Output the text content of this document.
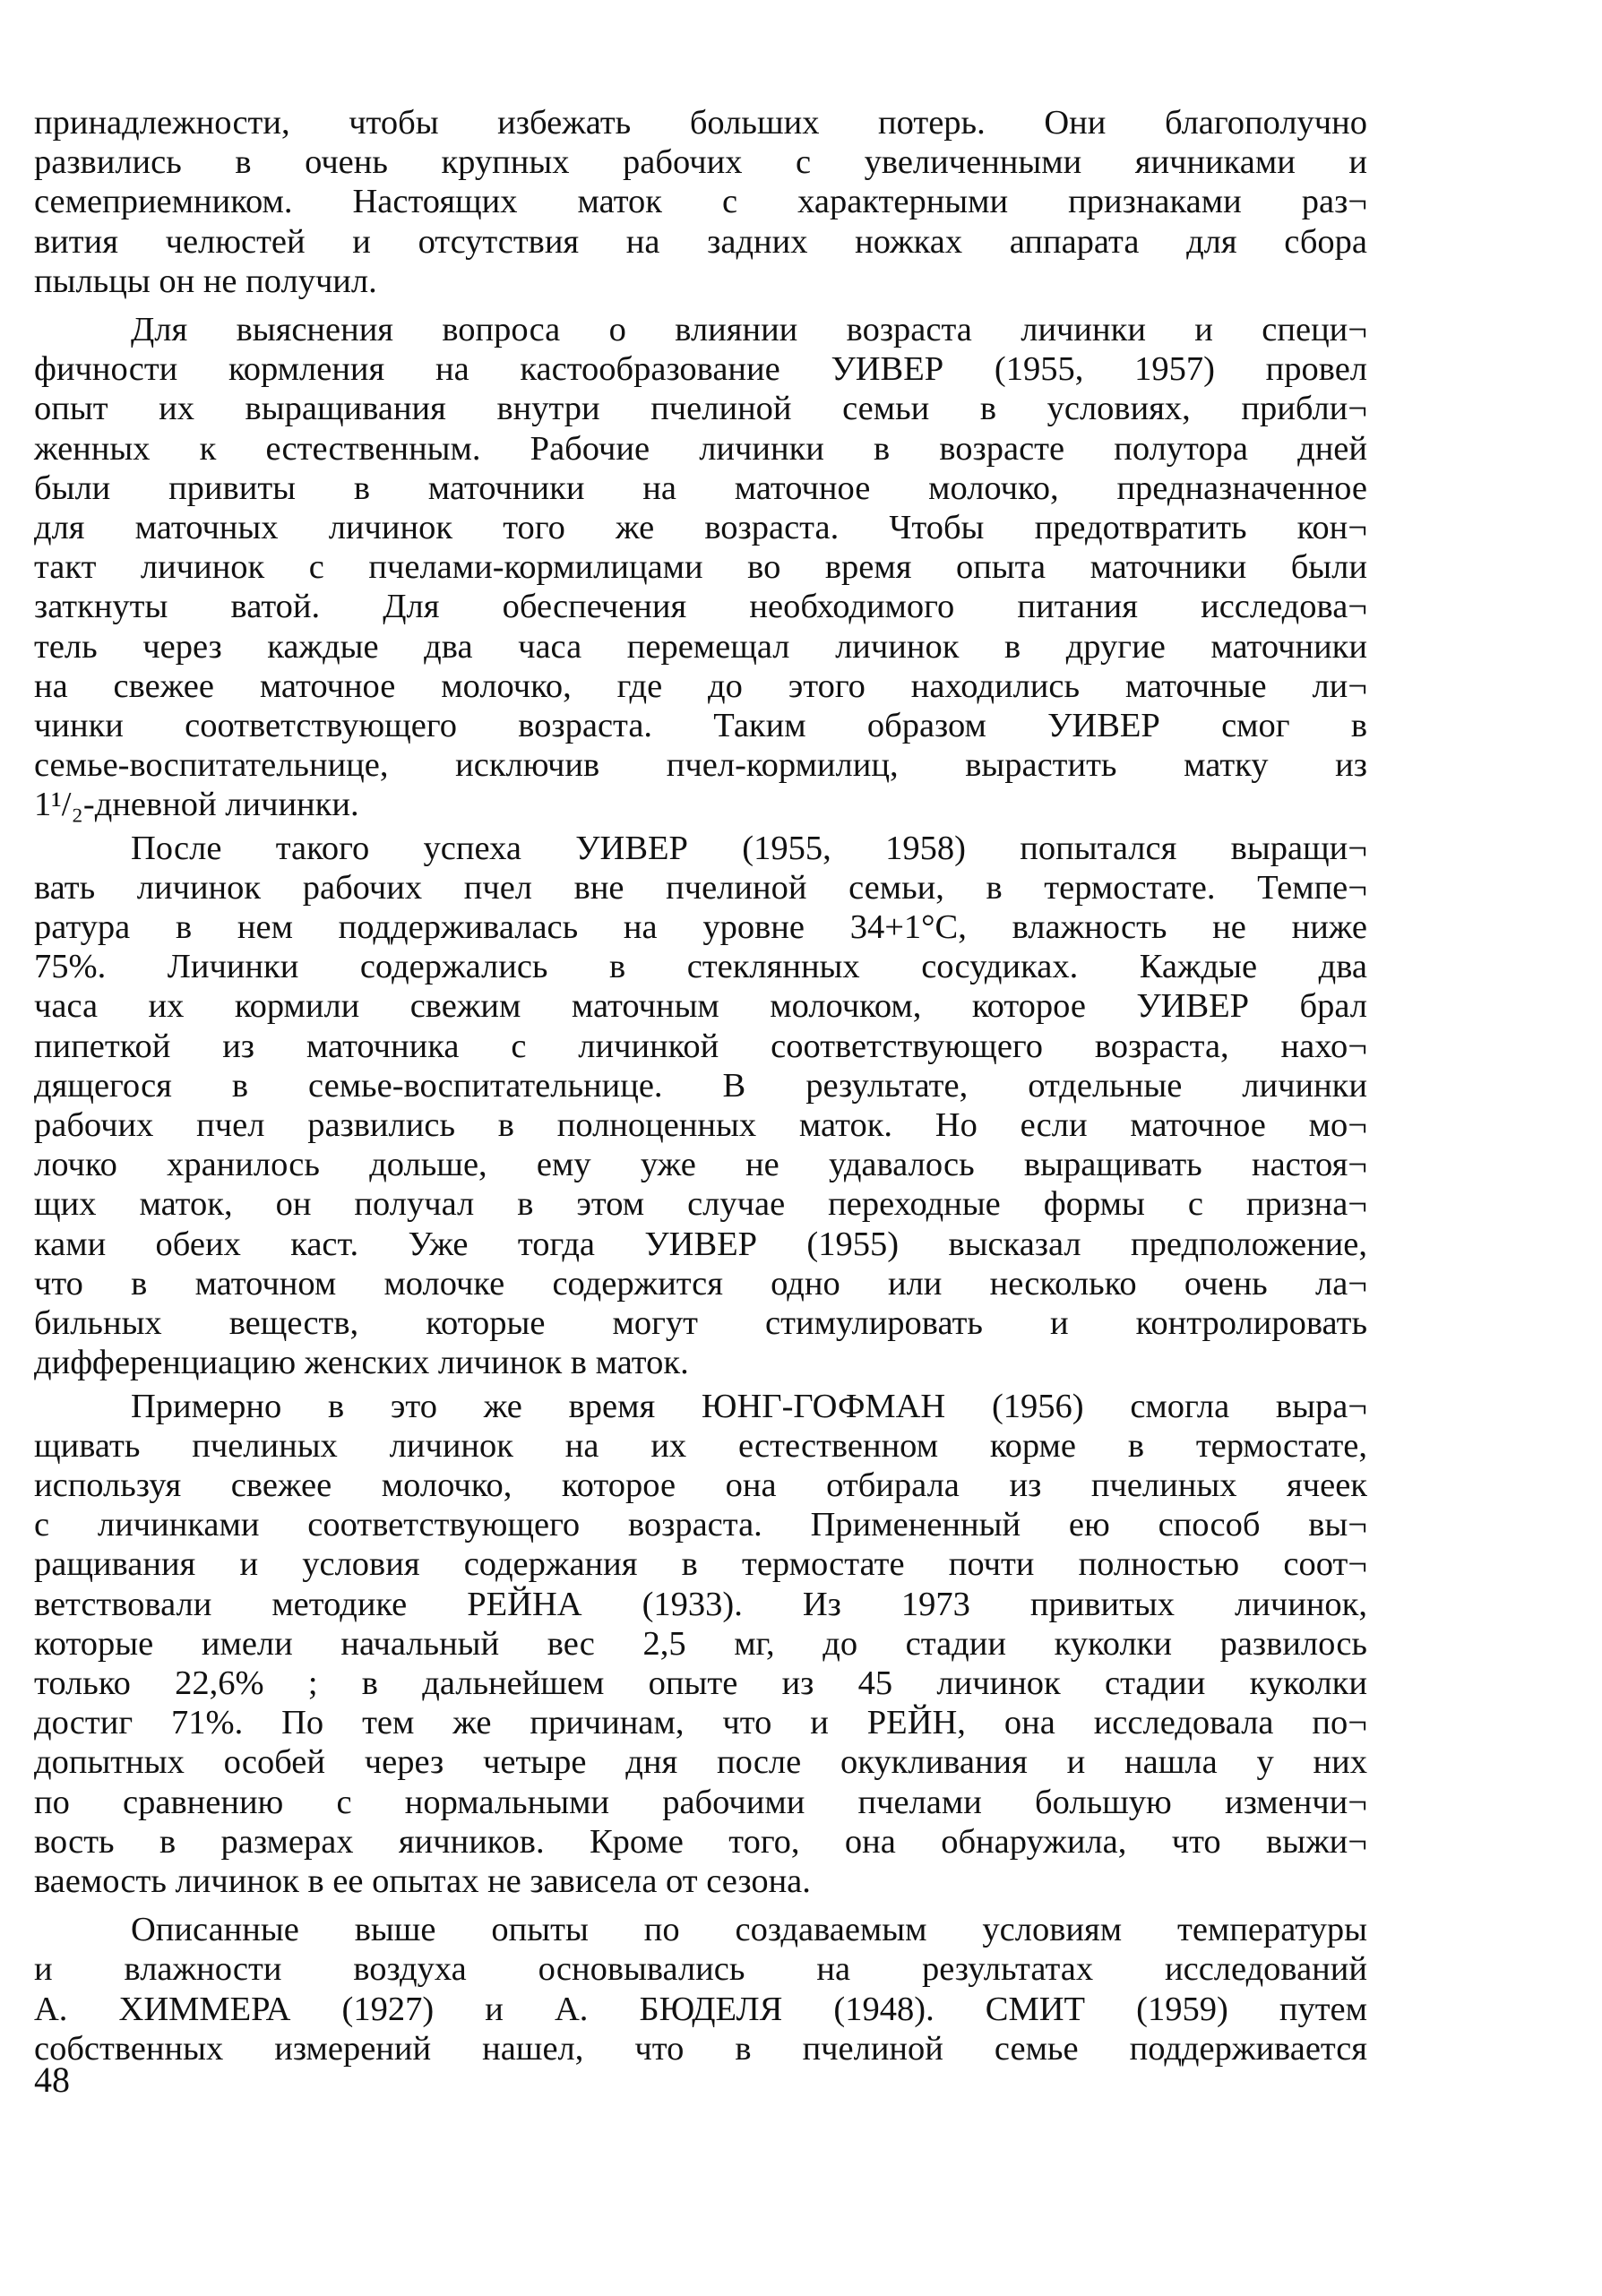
принадлежности, чтобы избежать больших потерь. Они благополучно
развились в очень крупных рабочих с увеличенными яичниками и
семеприемником. Настоящих маток с характерными признаками раз¬
вития челюстей и отсутствия на задних ножках аппарата для сбора
пыльцы он не получил.
Для выяснения вопроса о влиянии возраста личинки и специ¬
фичности кормления на кастообразование УИВЕР (1955, 1957) провел
опыт их выращивания внутри пчелиной семьи в условиях, прибли¬
женных к естественным. Рабочие личинки в возрасте полутора дней
были привиты в маточники на маточное молочко, предназначенное
для маточных личинок того же возраста. Чтобы предотвратить кон¬
такт личинок с пчелами-кормилицами во время опыта маточники были
заткнуты ватой. Для обеспечения необходимого питания исследова¬
тель через каждые два часа перемещал личинок в другие маточники
на свежее маточное молочко, где до этого находились маточные ли¬
чинки соответствующего возраста. Таким образом УИВЕР смог в
семье-воспитательнице, исключив пчел-кормилиц, вырастить матку из
1¹/₂-дневной личинки.
После такого успеха УИВЕР (1955, 1958) попытался выращи¬
вать личинок рабочих пчел вне пчелиной семьи, в термостате. Темпе¬
ратура в нем поддерживалась на уровне 34+1°С, влажность не ниже
75%. Личинки содержались в стеклянных сосудиках. Каждые два
часа их кормили свежим маточным молочком, которое УИВЕР брал
пипеткой из маточника с личинкой соответствующего возраста, нахо¬
дящегося в семье-воспитательнице. В результате, отдельные личинки
рабочих пчел развились в полноценных маток. Но если маточное мо¬
лочко хранилось дольше, ему уже не удавалось выращивать настоя¬
щих маток, он получал в этом случае переходные формы с призна¬
ками обеих каст. Уже тогда УИВЕР (1955) высказал предположение,
что в маточном молочке содержится одно или несколько очень ла¬
бильных веществ, которые могут стимулировать и контролировать
дифференциацию женских личинок в маток.
Примерно в это же время ЮНГ-ГОФМАН (1956) смогла выра¬
щивать пчелиных личинок на их естественном корме в термостате,
используя свежее молочко, которое она отбирала из пчелиных ячеек
с личинками соответствующего возраста. Примененный ею способ вы¬
ращивания и условия содержания в термостате почти полностью соот¬
ветствовали методике РЕЙНА (1933). Из 1973 привитых личинок,
которые имели начальный вес 2,5 мг, до стадии куколки развилось
только 22,6% ; в дальнейшем опыте из 45 личинок стадии куколки
достиг 71%. По тем же причинам, что и РЕЙН, она исследовала по¬
допытных особей через четыре дня после окукливания и нашла у них
по сравнению с нормальными рабочими пчелами большую изменчи¬
вость в размерах яичников. Кроме того, она обнаружила, что выжи¬
ваемость личинок в ее опытах не зависела от сезона.
Описанные выше опыты по создаваемым условиям температуры
и влажности воздуха основывались на результатах исследований
А. ХИММЕРА (1927) и А. БЮДЕЛЯ (1948). СМИТ (1959) путем
собственных измерений нашел, что в пчелиной семье поддерживается
48
